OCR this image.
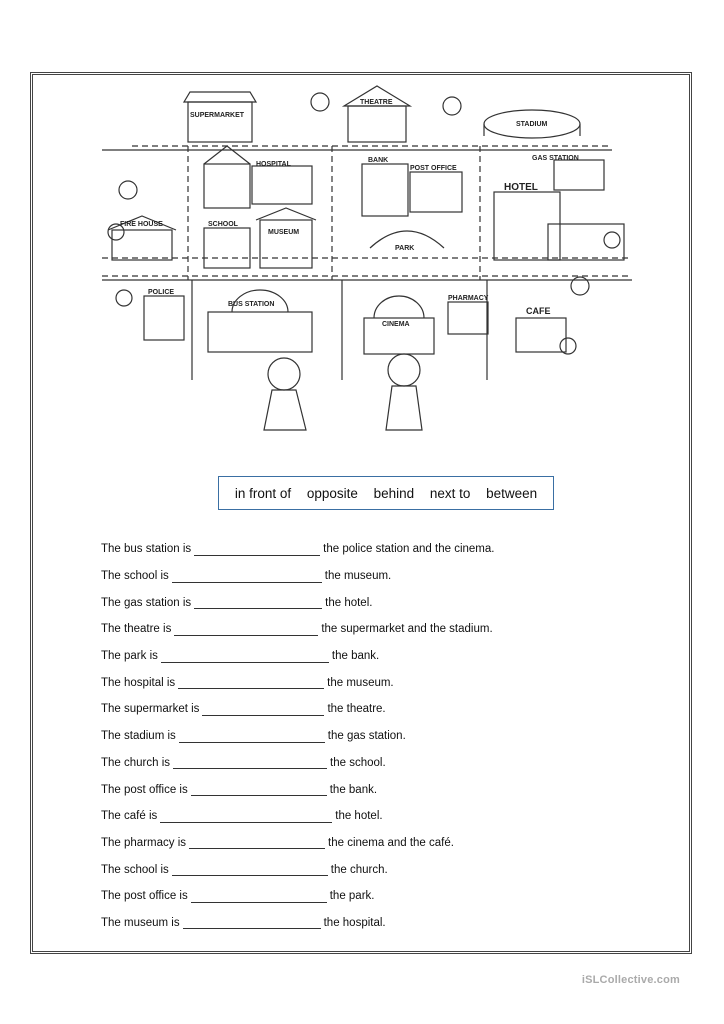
SUPERMARKET
THEATRE
STADIUM
HOSPITAL
BANK
POST OFFICE
GAS STATION
HOTEL
FIRE HOUSE	SCHOOL
MUSEUM
PARK
POLICE
BUS STATION
CINEMA
PHARMACY
CAFE
in front of opposite behind next to between
The bus station is	the police station and the cinema.
The school is	the museum.
The gas station is	the hotel.
The theatre is	the supermarket and the stadium.
The park is	the bank.
The hospital is	the museum.
The supermarket is	the theatre.
The stadium is	the gas station.
The church is	the school.
The post office is	the bank.
The café is	the hotel.
The pharmacy is	the cinema and the café.
The school is	the church.
The post office is	the park.
The museum is	the hospital.
iSLCollective.com
